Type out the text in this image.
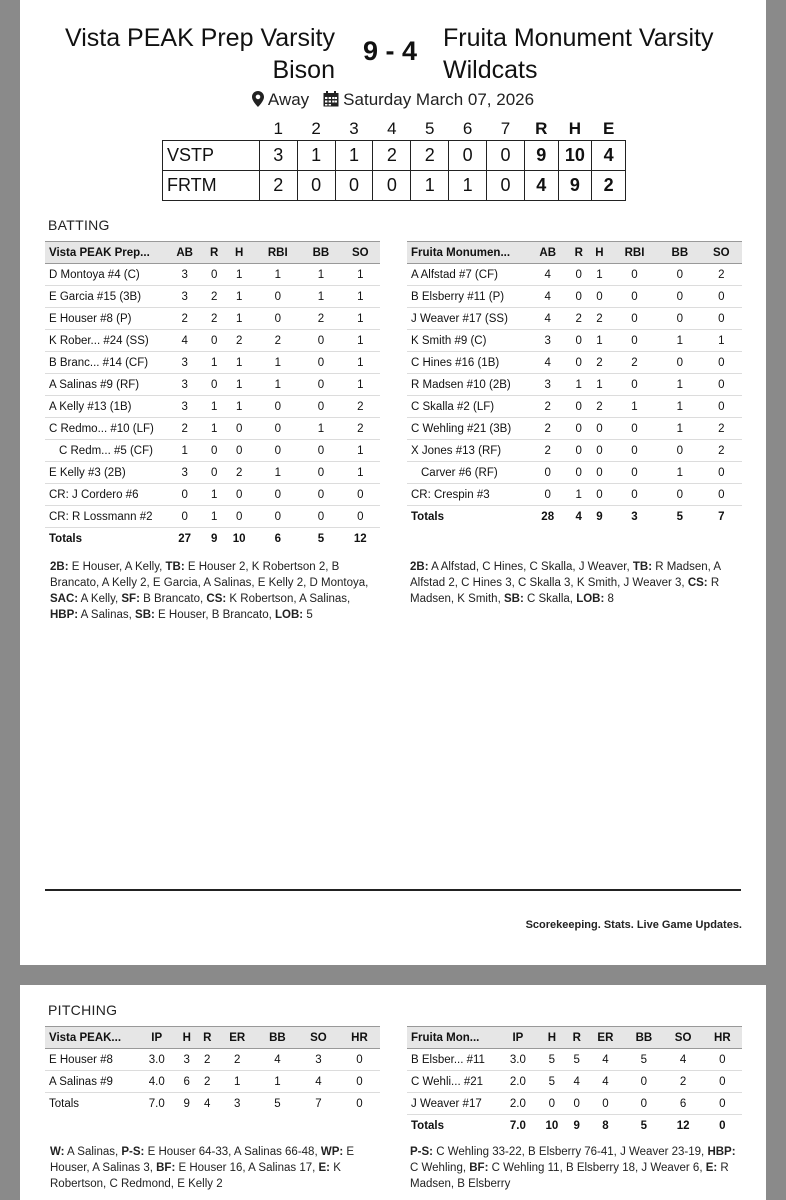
Vista PEAK Prep Varsity Bison
9 - 4	Fruita Monument Varsity Wildcats
Away Saturday March 07, 2026
	1	2	3	4	5	6	7	R	H	E
VSTP	3	1	1	2	2	0	0	9	10	4
FRTM	2	0	0	0	1	1	0	4	9	2
BATTING
Vista PEAK Prep...	AB	R	H	RBI	BB	SO
D Montoya #4 (C)	3	0	1	1	1	1
E Garcia #15 (3B)	3	2	1	0	1	1
E Houser #8 (P)	2	2	1	0	2	1
K Rober... #24 (SS)	4	0	2	2	0	1
B Branc... #14 (CF)	3	1	1	1	0	1
A Salinas #9 (RF)	3	0	1	1	0	1
A Kelly #13 (1B)	3	1	1	0	0	2
C Redmo... #10 (LF)	2	1	0	0	1	2
C Redm... #5 (CF)	1	0	0	0	0	1
E Kelly #3 (2B)	3	0	2	1	0	1
CR: J Cordero #6	0	1	0	0	0	0
CR: R Lossmann #2	0	1	0	0	0	0
Totals	27	9	10	6	5	12
Fruita Monumen...	AB	R	H	RBI	BB	SO
A Alfstad #7 (CF)	4	0	1	0	0	2
B Elsberry #11 (P)	4	0	0	0	0	0
J Weaver #17 (SS)	4	2	2	0	0	0
K Smith #9 (C)	3	0	1	0	1	1
C Hines #16 (1B)	4	0	2	2	0	0
R Madsen #10 (2B)	3	1	1	0	1	0
C Skalla #2 (LF)	2	0	2	1	1	0
C Wehling #21 (3B)	2	0	0	0	1	2
X Jones #13 (RF)	2	0	0	0	0	2
Carver #6 (RF)	0	0	0	0	1	0
CR: Crespin #3	0	1	0	0	0	0
Totals	28	4	9	3	5	7
2B: E Houser, A Kelly, TB: E Houser 2, K Robertson 2, B Brancato, A Kelly 2, E Garcia, A Salinas, E Kelly 2, D Montoya, SAC: A Kelly, SF: B Brancato, CS: K Robertson, A Salinas, HBP: A Salinas, SB: E Houser, B Brancato, LOB: 5
2B: A Alfstad, C Hines, C Skalla, J Weaver, TB: R Madsen, A Alfstad 2, C Hines 3, C Skalla 3, K Smith, J Weaver 3, CS: R Madsen, K Smith, SB: C Skalla, LOB: 8
Scorekeeping. Stats. Live Game Updates.
PITCHING
Vista PEAK...	IP	H	R	ER	BB	SO	HR
E Houser #8	3.0	3	2	2	4	3	0
A Salinas #9	4.0	6	2	1	1	4	0
Totals	7.0	9	4	3	5	7	0
Fruita Mon...	IP	H	R	ER	BB	SO	HR
B Elsber... #11	3.0	5	5	4	5	4	0
C Wehli... #21	2.0	5	4	4	0	2	0
J Weaver #17	2.0	0	0	0	0	6	0
Totals	7.0	10	9	8	5	12	0
W: A Salinas, P-S: E Houser 64-33, A Salinas 66-48, WP: E Houser, A Salinas 3, BF: E Houser 16, A Salinas 17, E: K Robertson, C Redmond, E Kelly 2
P-S: C Wehling 33-22, B Elsberry 76-41, J Weaver 23-19, HBP: C Wehling, BF: C Wehling 11, B Elsberry 18, J Weaver 6, E: R Madsen, B Elsberry
